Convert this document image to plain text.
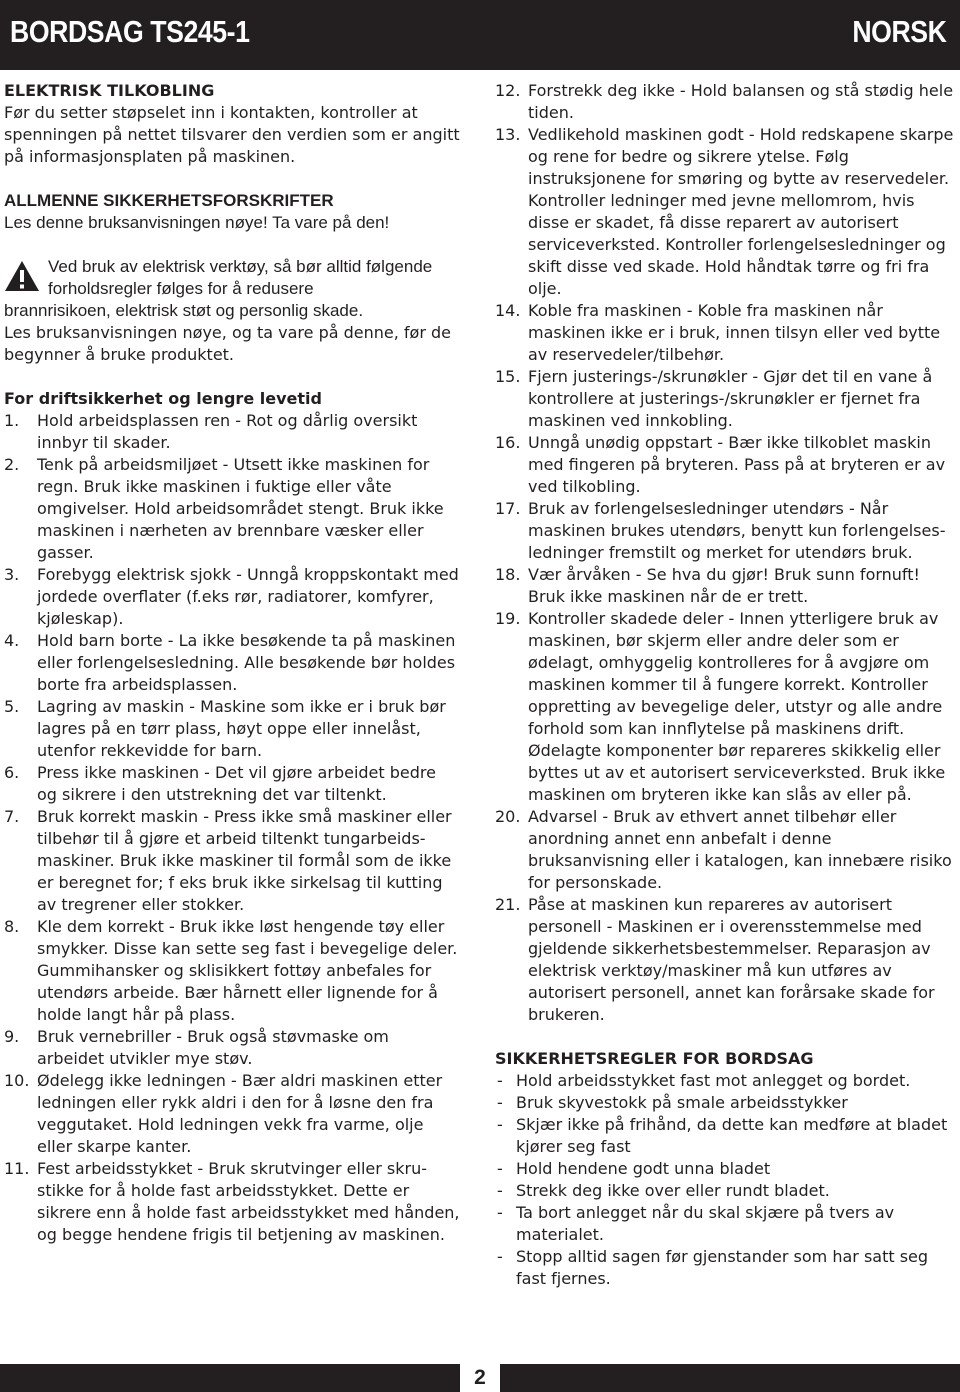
BORDSAG TS245-1	NORSK
ELEKTRISK TILKOBLING

Før du setter støpselet inn i kontakten, kontroller at spenningen på nettet tilsvarer den verdien som er angitt på informasjonsplaten på maskinen.

ALLMENNE SIKKERHETSFORSKRIFTER

Les denne bruksanvisningen nøye! Ta vare på den!

Ved bruk av elektrisk verktøy, så bør alltid følgende forholdsregler følges for å redusere

brannrisikoen, elektrisk støt og personlig skade.

Les bruksanvisningen nøye, og ta vare på denne, før de begynner å bruke produktet.

For driftsikkerhet og lengre levetid
1. Hold arbeidsplassen ren - Rot og dårlig oversikt innbyr til skader.
2. Tenk på arbeidsmiljøet - Utsett ikke maskinen for regn. Bruk ikke maskinen i fuktige eller våte omgivelser. Hold arbeidsområdet stengt. Bruk ikke maskinen i nærheten av brennbare væsker eller gasser.
3. Forebygg elektrisk sjokk - Unngå kroppskontakt med jordede overflater (f.eks rør, radiatorer, komfyrer, kjøleskap).
4. Hold barn borte - La ikke besøkende ta på maskinen eller forlengelsesledning. Alle besøkende bør holdes borte fra arbeidsplassen.
5. Lagring av maskin - Maskine som ikke er i bruk bør lagres på en tørr plass, høyt oppe eller innelåst, utenfor rekkevidde for barn.
6. Press ikke maskinen - Det vil gjøre arbeidet bedre og sikrere i den utstrekning det var tiltenkt.
7. Bruk korrekt maskin - Press ikke små maskiner eller tilbehør til å gjøre et arbeid tiltenkt tungarbeids-maskiner. Bruk ikke maskiner til formål som de ikke er beregnet for; f eks bruk ikke sirkelsag til kutting av tregrener eller stokker.
8. Kle dem korrekt - Bruk ikke løst hengende tøy eller smykker. Disse kan sette seg fast i bevegelige deler. Gummihansker og sklisikkert fottøy anbefales for utendørs arbeide. Bær hårnett eller lignende for å holde langt hår på plass.
9. Bruk vernebriller - Bruk også støvmaske om arbeidet utvikler mye støv.
10. Ødelegg ikke ledningen - Bær aldri maskinen etter ledningen eller rykk aldri i den for å løsne den fra veggutaket. Hold ledningen vekk fra varme, olje eller skarpe kanter.
11. Fest arbeidsstykket - Bruk skrutvinger eller skru-stikke for å holde fast arbeidsstykket. Dette er sikrere enn å holde fast arbeidsstykket med hånden, og begge hendene frigis til betjening av maskinen.
12. Forstrekk deg ikke - Hold balansen og stå stødig hele tiden.
13. Vedlikehold maskinen godt - Hold redskapene skarpe og rene for bedre og sikrere ytelse. Følg instruksjonene for smøring og bytte av reservedeler. Kontroller ledninger med jevne mellomrom, hvis disse er skadet, få disse reparert av autorisert serviceverksted. Kontroller forlengelsesledninger og skift disse ved skade. Hold håndtak tørre og fri fra olje.
14. Koble fra maskinen - Koble fra maskinen når maskinen ikke er i bruk, innen tilsyn eller ved bytte av reservedeler/tilbehør.
15. Fjern justerings-/skrunøkler - Gjør det til en vane å kontrollere at justerings-/skrunøkler er fjernet fra maskinen ved innkobling.
16. Unngå unødig oppstart - Bær ikke tilkoblet maskin med fingeren på bryteren. Pass på at bryteren er av ved tilkobling.
17. Bruk av forlengelsesledninger utendørs - Når maskinen brukes utendørs, benytt kun forlengelses-ledninger fremstilt og merket for utendørs bruk.
18. Vær årvåken - Se hva du gjør! Bruk sunn fornuft! Bruk ikke maskinen når de er trett.
19. Kontroller skadede deler - Innen ytterligere bruk av maskinen, bør skjerm eller andre deler som er ødelagt, omhyggelig kontrolleres for å avgjøre om maskinen kommer til å fungere korrekt. Kontroller oppretting av bevegelige deler, utstyr og alle andre forhold som kan innflytelse på maskinens drift. Ødelagte komponenter bør repareres skikkelig eller byttes ut av et autorisert serviceverksted. Bruk ikke maskinen om bryteren ikke kan slås av eller på.
20. Advarsel - Bruk av ethvert annet tilbehør eller anordning annet enn anbefalt i denne bruksanvisning eller i katalogen, kan innebære risiko for personskade.
21. Påse at maskinen kun repareres av autorisert personell - Maskinen er i overensstemmelse med gjeldende sikkerhetsbestemmelser. Reparasjon av elektrisk verktøy/maskiner må kun utføres av autorisert personell, annet kan forårsake skade for brukeren.
SIKKERHETSREGLER FOR BORDSAG
- Hold arbeidsstykket fast mot anlegget og bordet.
- Bruk skyvestokk på smale arbeidsstykker
- Skjær ikke på frihånd, da dette kan medføre at bladet kjører seg fast
- Hold hendene godt unna bladet
- Strekk deg ikke over eller rundt bladet.
- Ta bort anlegget når du skal skjære på tvers av materialet.
- Stopp alltid sagen før gjenstander som har satt seg fast fjernes.
2
